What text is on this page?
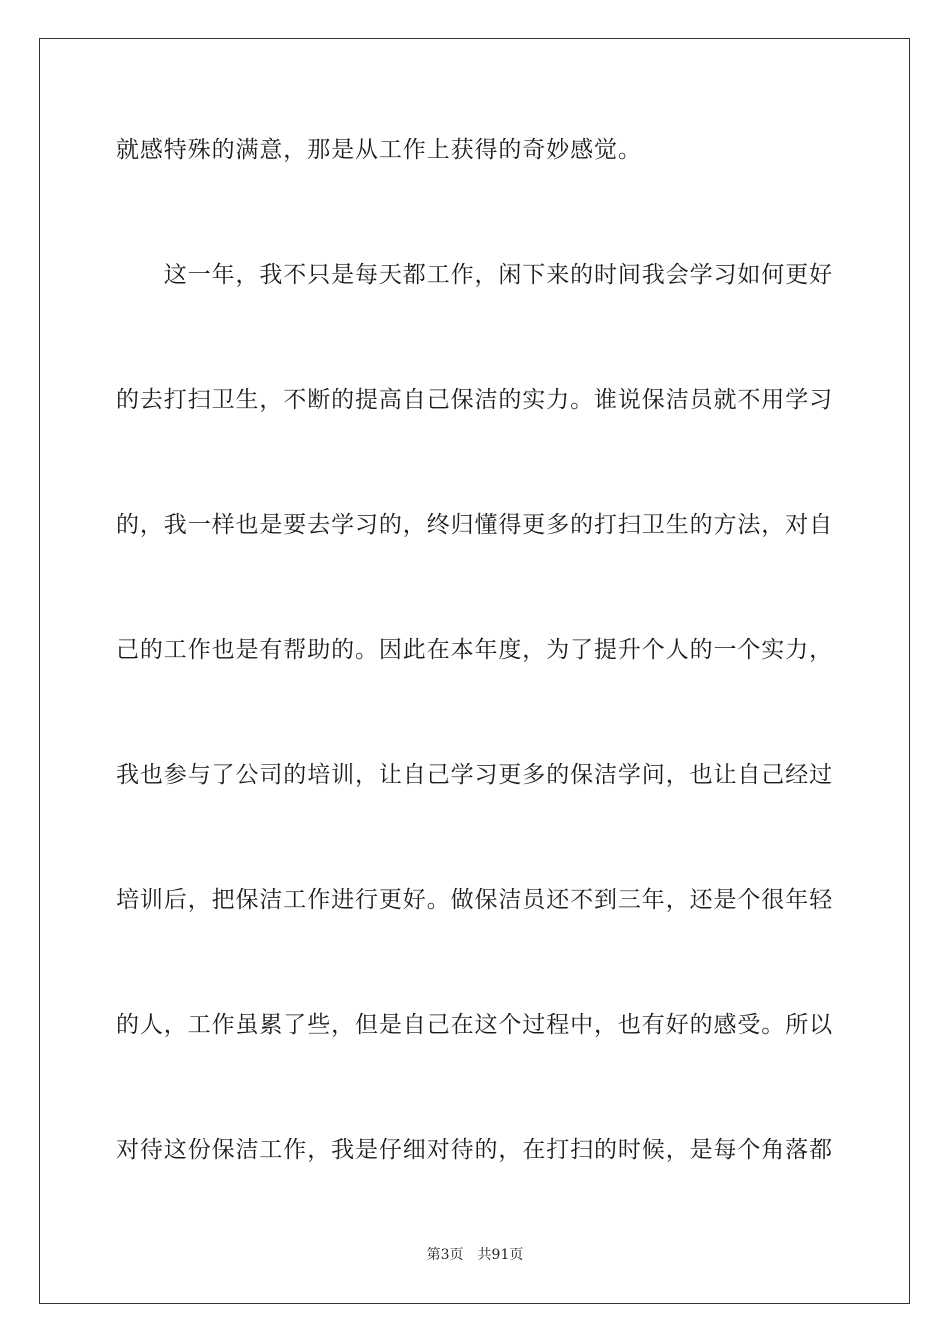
就感特殊的满意，那是从工作上获得的奇妙感觉。
　　这一年，我不只是每天都工作，闲下来的时间我会学习如何更好
的去打扫卫生，不断的提高自己保洁的实力。谁说保洁员就不用学习
的，我一样也是要去学习的，终归懂得更多的打扫卫生的方法，对自
己的工作也是有帮助的。因此在本年度，为了提升个人的一个实力，
我也参与了公司的培训，让自己学习更多的保洁学问，也让自己经过
培训后，把保洁工作进行更好。做保洁员还不到三年，还是个很年轻
的人，工作虽累了些，但是自己在这个过程中，也有好的感受。所以
对待这份保洁工作，我是仔细对待的，在打扫的时候，是每个角落都
第3页 共91页
